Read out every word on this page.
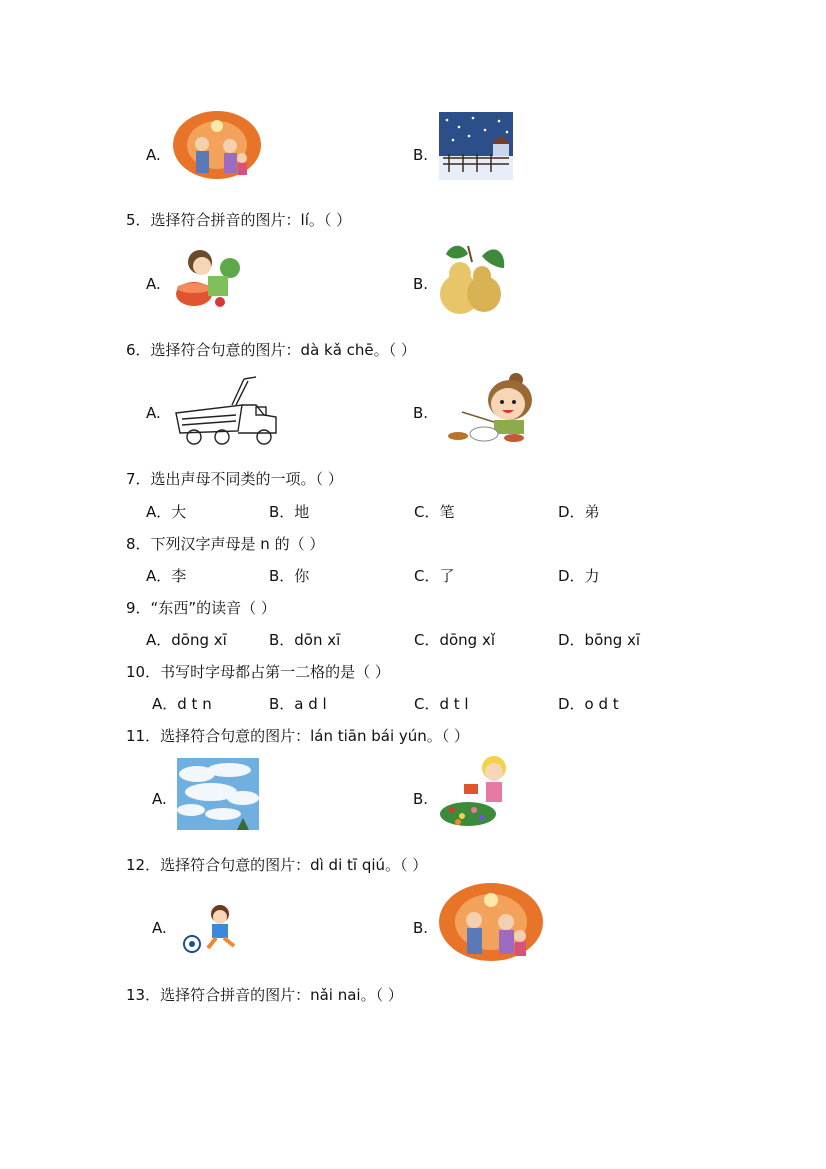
A.	B.
5．选择符合拼音的图片：lí。（ ）
A.	B.
6．选择符合句意的图片：dà kǎ chē。（ ）
A.	B.
7．选出声母不同类的一项。（ ）
A．大	B．地	C．笔	D．弟
8．下列汉字声母是 n 的（ ）
A．李	B．你	C．了	D．力
9．“东西”的读音（ ）
A．dōng xī	B．dōn xī	C．dōng xǐ	D．bōng xī
10．书写时字母都占第一二格的是（ ）
A．d t n	B．a d l	C．d t l	D．o d t
11．选择符合句意的图片：lán tiān bái yún。（ ）
A.	B.
12．选择符合句意的图片：dì di tī qiú。（ ）
A.	B.
13．选择符合拼音的图片：nǎi nai。（ ）
